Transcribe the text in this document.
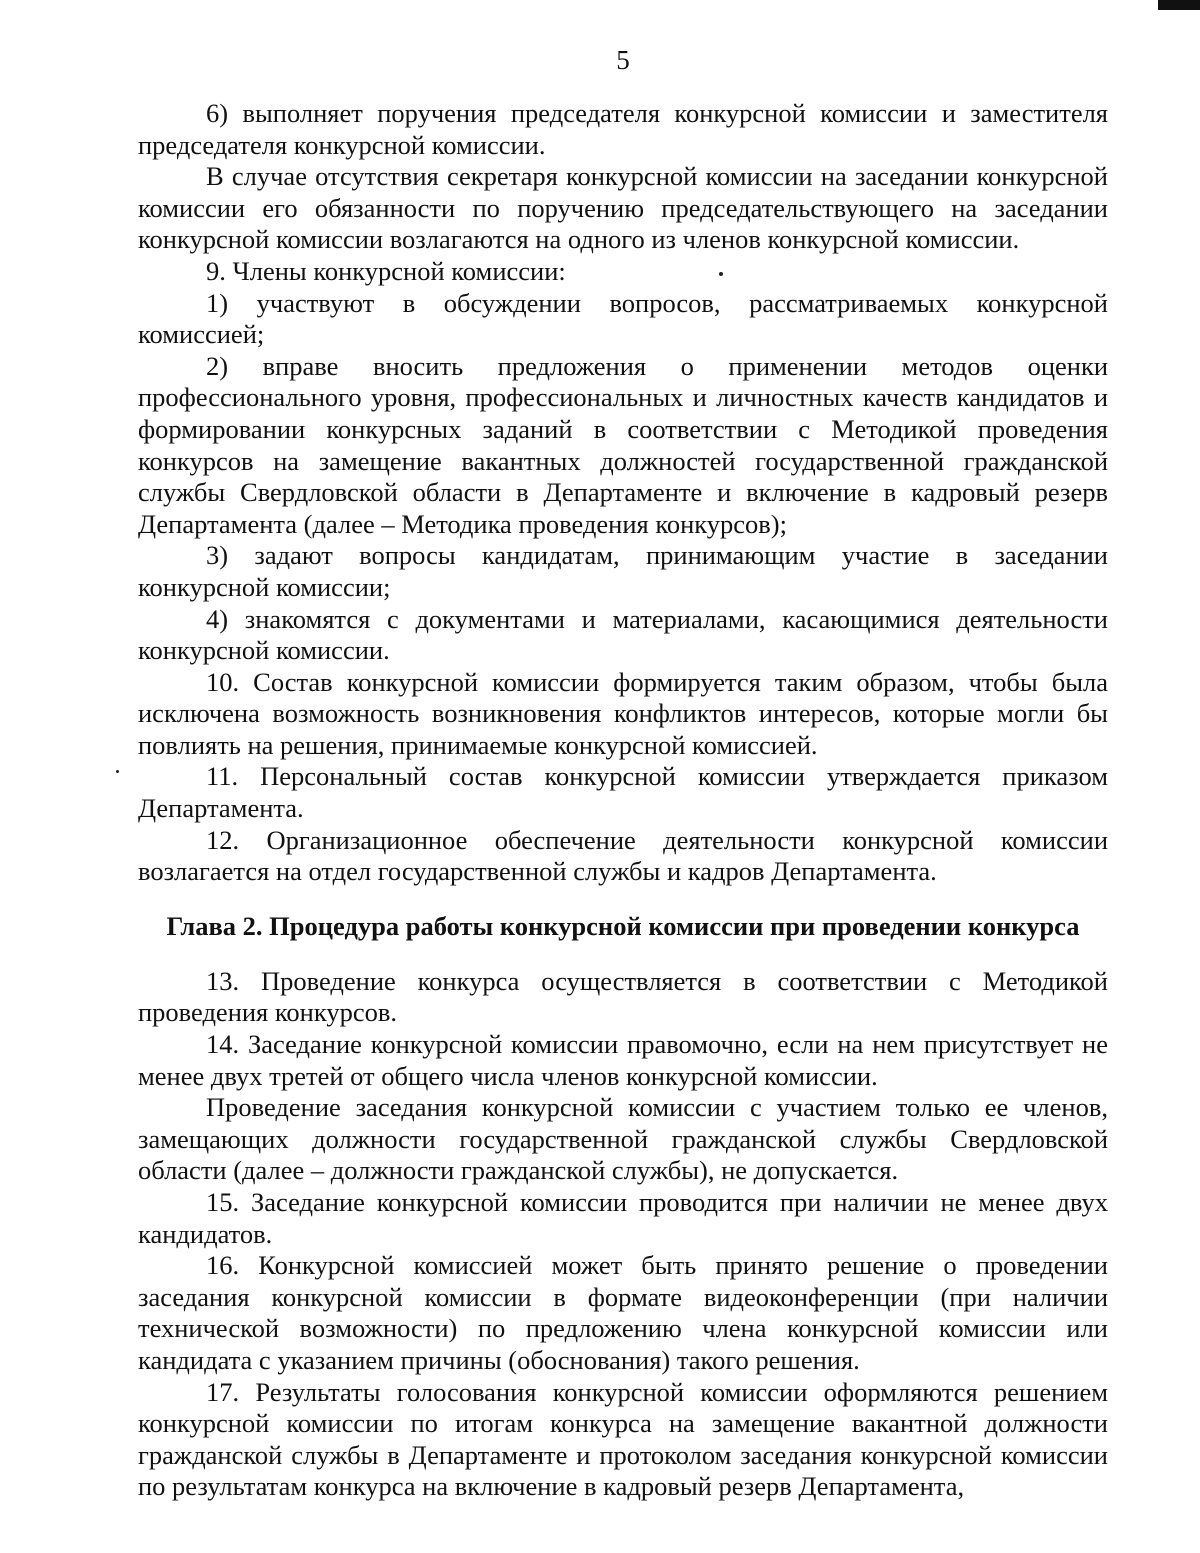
5

6) выполняет поручения председателя конкурсной комиссии и заместителя председателя конкурсной комиссии.

В случае отсутствия секретаря конкурсной комиссии на заседании конкурсной комиссии его обязанности по поручению председательствующего на заседании конкурсной комиссии возлагаются на одного из членов конкурсной комиссии.

9. Члены конкурсной комиссии:

1) участвуют в обсуждении вопросов, рассматриваемых конкурсной комиссией;

2) вправе вносить предложения о применении методов оценки профессионального уровня, профессиональных и личностных качеств кандидатов и формировании конкурсных заданий в соответствии с Методикой проведения конкурсов на замещение вакантных должностей государственной гражданской службы Свердловской области в Департаменте и включение в кадровый резерв Департамента (далее – Методика проведения конкурсов);

3) задают вопросы кандидатам, принимающим участие в заседании конкурсной комиссии;

4) знакомятся с документами и материалами, касающимися деятельности конкурсной комиссии.

10. Состав конкурсной комиссии формируется таким образом, чтобы была исключена возможность возникновения конфликтов интересов, которые могли бы повлиять на решения, принимаемые конкурсной комиссией.

11. Персональный состав конкурсной комиссии утверждается приказом Департамента.

12. Организационное обеспечение деятельности конкурсной комиссии возлагается на отдел государственной службы и кадров Департамента.

Глава 2. Процедура работы конкурсной комиссии при проведении конкурса

13. Проведение конкурса осуществляется в соответствии с Методикой проведения конкурсов.

14. Заседание конкурсной комиссии правомочно, если на нем присутствует не менее двух третей от общего числа членов конкурсной комиссии.

Проведение заседания конкурсной комиссии с участием только ее членов, замещающих должности государственной гражданской службы Свердловской области (далее – должности гражданской службы), не допускается.

15. Заседание конкурсной комиссии проводится при наличии не менее двух кандидатов.

16. Конкурсной комиссией может быть принято решение о проведении заседания конкурсной комиссии в формате видеоконференции (при наличии технической возможности) по предложению члена конкурсной комиссии или кандидата с указанием причины (обоснования) такого решения.

17. Результаты голосования конкурсной комиссии оформляются решением конкурсной комиссии по итогам конкурса на замещение вакантной должности гражданской службы в Департаменте и протоколом заседания конкурсной комиссии по результатам конкурса на включение в кадровый резерв Департамента,
